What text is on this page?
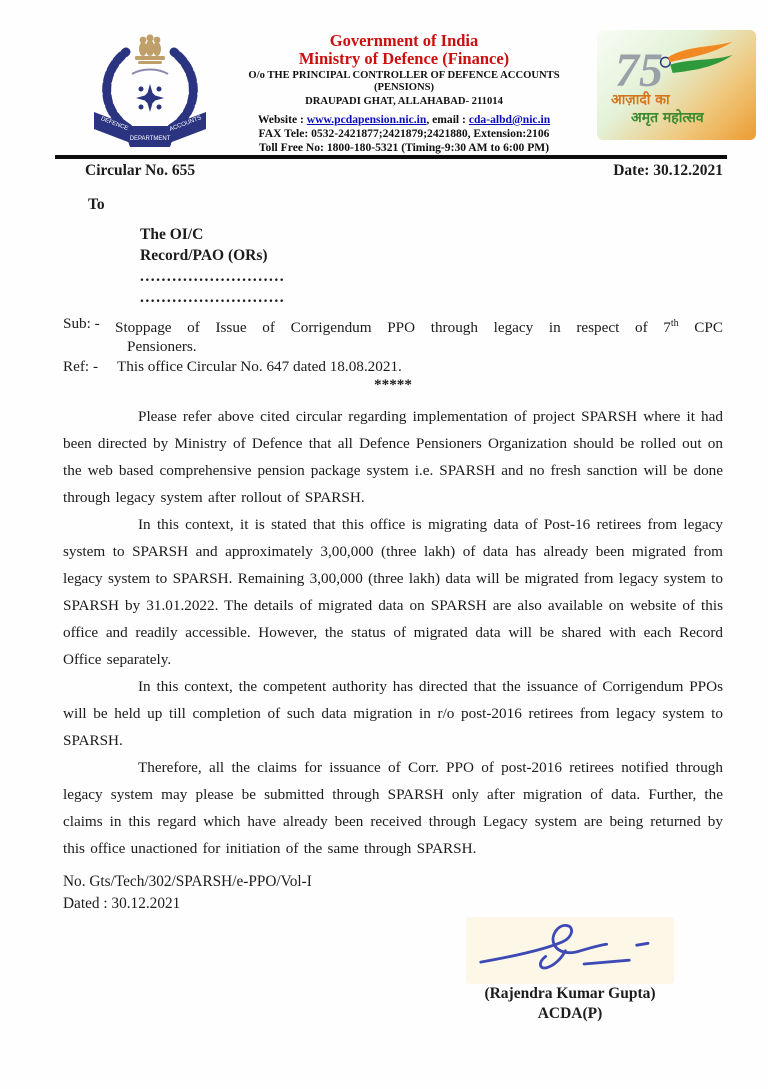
DEFENCE	ACCOUNTS
DEPARTMENT
Government of India
Ministry of Defence (Finance)
O/o THE PRINCIPAL CONTROLLER OF DEFENCE ACCOUNTS (PENSIONS)
DRAUPADI GHAT, ALLAHABAD- 211014
Website : www.pcdapension.nic.in, email : cda-albd@nic.in
FAX Tele: 0532-2421877;2421879;2421880, Extension:2106
Toll Free No: 1800-180-5321 (Timing-9:30 AM to 6:00 PM)
75
आज़ादी का
अमृत महोत्सव
Circular No. 655	Date: 30.12.2021
To
The OI/C
Record/PAO (ORs)
...........................
...........................
Sub: -	Stoppage of Issue of Corrigendum PPO through legacy in respect of 7th CPC
Pensioners.
Ref: -	This office Circular No. 647 dated 18.08.2021.
*****

Please refer above cited circular regarding implementation of project SPARSH where it had been directed by Ministry of Defence that all Defence Pensioners Organization should be rolled out on the web based comprehensive pension package system i.e. SPARSH and no fresh sanction will be done through legacy system after rollout of SPARSH.

In this context, it is stated that this office is migrating data of Post-16 retirees from legacy system to SPARSH and approximately 3,00,000 (three lakh) of data has already been migrated from legacy system to SPARSH. Remaining 3,00,000 (three lakh) data will be migrated from legacy system to SPARSH by 31.01.2022. The details of migrated data on SPARSH are also available on website of this office and readily accessible. However, the status of migrated data will be shared with each Record Office separately.

In this context, the competent authority has directed that the issuance of Corrigendum PPOs will be held up till completion of such data migration in r/o post-2016 retirees from legacy system to SPARSH.

Therefore, all the claims for issuance of Corr. PPO of post-2016 retirees notified through legacy system may please be submitted through SPARSH only after migration of data. Further, the claims in this regard which have already been received through Legacy system are being returned by this office unactioned for initiation of the same through SPARSH.

No. Gts/Tech/302/SPARSH/e-PPO/Vol-I
Dated : 30.12.2021
(Rajendra Kumar Gupta)
ACDA(P)
